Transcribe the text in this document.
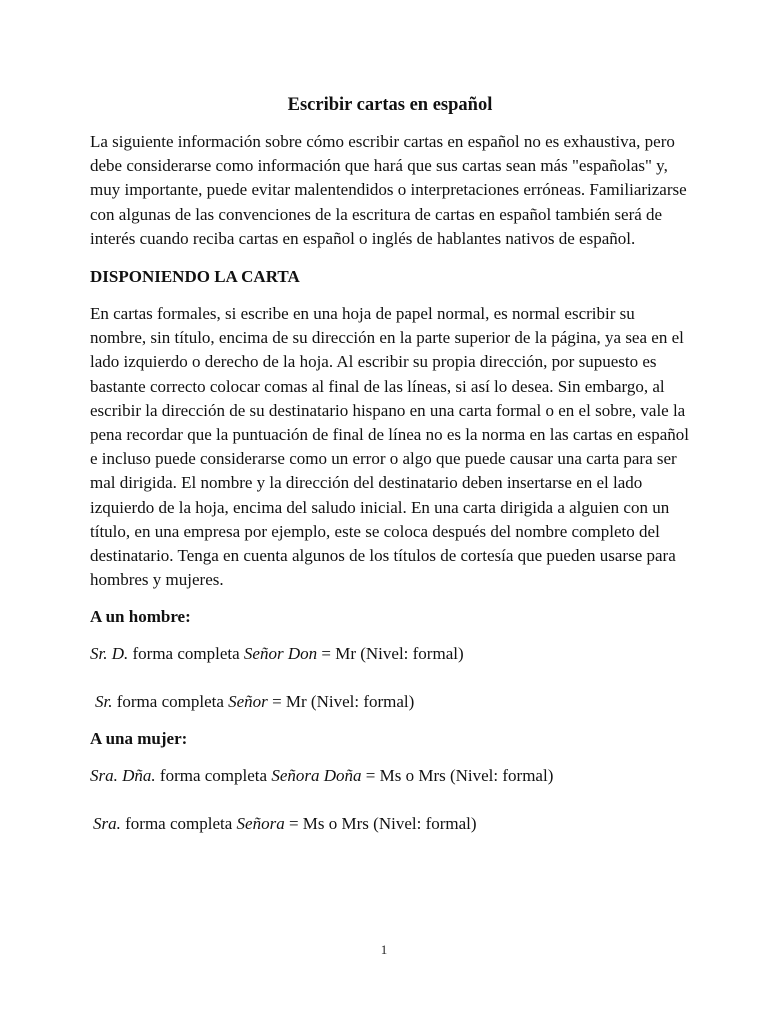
Escribir cartas en español

La siguiente información sobre cómo escribir cartas en español no es exhaustiva, pero debe considerarse como información que hará que sus cartas sean más "españolas" y, muy importante, puede evitar malentendidos o interpretaciones erróneas. Familiarizarse con algunas de las convenciones de la escritura de cartas en español también será de interés cuando reciba cartas en español o inglés de hablantes nativos de español.

DISPONIENDO LA CARTA

En cartas formales, si escribe en una hoja de papel normal, es normal escribir su nombre, sin título, encima de su dirección en la parte superior de la página, ya sea en el lado izquierdo o derecho de la hoja. Al escribir su propia dirección, por supuesto es bastante correcto colocar comas al final de las líneas, si así lo desea. Sin embargo, al escribir la dirección de su destinatario hispano en una carta formal o en el sobre, vale la pena recordar que la puntuación de final de línea no es la norma en las cartas en español e incluso puede considerarse como un error o algo que puede causar una carta para ser mal dirigida. El nombre y la dirección del destinatario deben insertarse en el lado izquierdo de la hoja, encima del saludo inicial. En una carta dirigida a alguien con un título, en una empresa por ejemplo, este se coloca después del nombre completo del destinatario. Tenga en cuenta algunos de los títulos de cortesía que pueden usarse para hombres y mujeres.

A un hombre:

Sr. D. forma completa Señor Don = Mr (Nivel: formal)

Sr. forma completa Señor = Mr (Nivel: formal)

A una mujer:

Sra. Dña. forma completa Señora Doña = Ms o Mrs (Nivel: formal)

Sra. forma completa Señora = Ms o Mrs (Nivel: formal)

1
